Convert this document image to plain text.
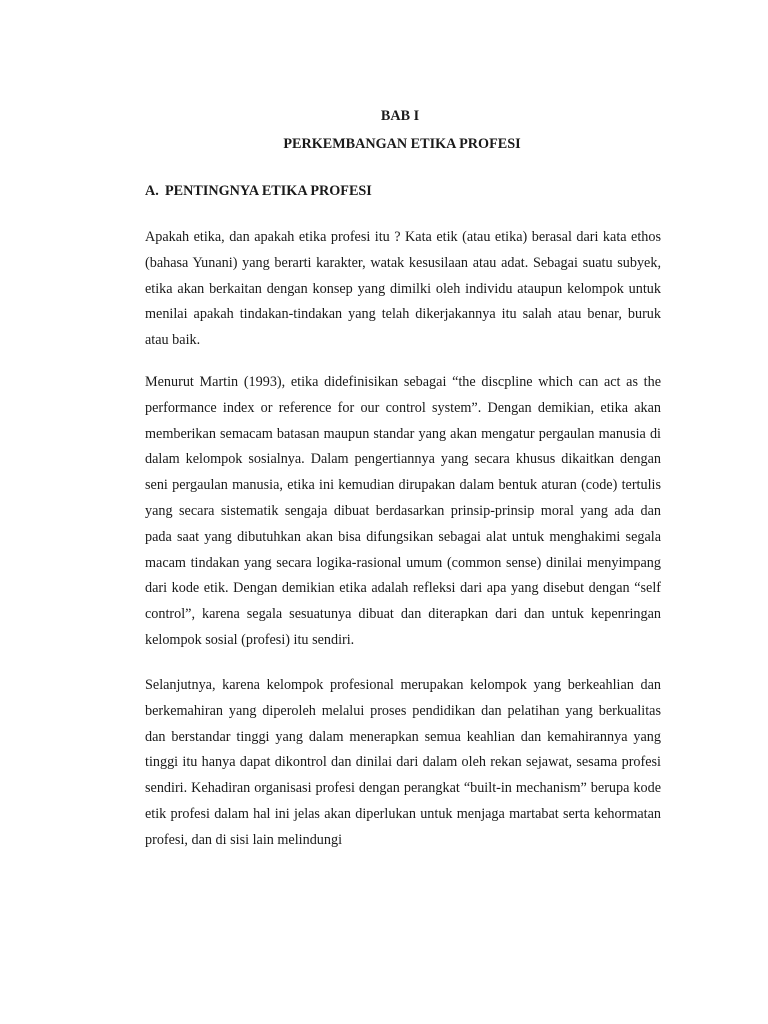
BAB I
PERKEMBANGAN ETIKA PROFESI
A. PENTINGNYA ETIKA PROFESI

Apakah etika, dan apakah etika profesi itu ? Kata etik (atau etika) berasal dari kata ethos (bahasa Yunani) yang berarti karakter, watak kesusilaan atau adat. Sebagai suatu subyek, etika akan berkaitan dengan konsep yang dimilki oleh individu ataupun kelompok untuk menilai apakah tindakan-tindakan yang telah dikerjakannya itu salah atau benar, buruk atau baik.

Menurut Martin (1993), etika didefinisikan sebagai “the discpline which can act as the performance index or reference for our control system”. Dengan demikian, etika akan memberikan semacam batasan maupun standar yang akan mengatur pergaulan manusia di dalam kelompok sosialnya. Dalam pengertiannya yang secara khusus dikaitkan dengan seni pergaulan manusia, etika ini kemudian dirupakan dalam bentuk aturan (code) tertulis yang secara sistematik sengaja dibuat berdasarkan prinsip-prinsip moral yang ada dan pada saat yang dibutuhkan akan bisa difungsikan sebagai alat untuk menghakimi segala macam tindakan yang secara logika-rasional umum (common sense) dinilai menyimpang dari kode etik. Dengan demikian etika adalah refleksi dari apa yang disebut dengan “self control”, karena segala sesuatunya dibuat dan diterapkan dari dan untuk kepenringan kelompok sosial (profesi) itu sendiri.

Selanjutnya, karena kelompok profesional merupakan kelompok yang berkeahlian dan berkemahiran yang diperoleh melalui proses pendidikan dan pelatihan yang berkualitas dan berstandar tinggi yang dalam menerapkan semua keahlian dan kemahirannya yang tinggi itu hanya dapat dikontrol dan dinilai dari dalam oleh rekan sejawat, sesama profesi sendiri. Kehadiran organisasi profesi dengan perangkat “built-in mechanism” berupa kode etik profesi dalam hal ini jelas akan diperlukan untuk menjaga martabat serta kehormatan profesi, dan di sisi lain melindungi
